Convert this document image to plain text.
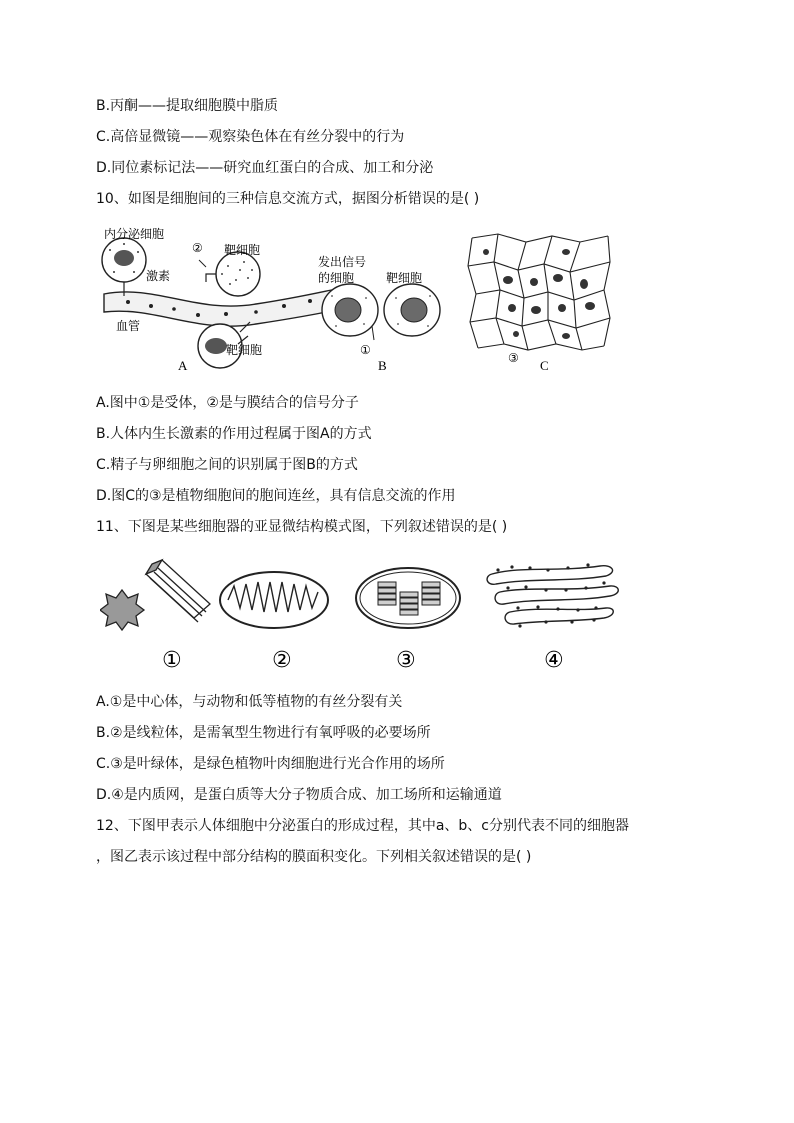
B.丙酮——提取细胞膜中脂质
C.高倍显微镜——观察染色体在有丝分裂中的行为
D.同位素标记法——研究血红蛋白的合成、加工和分泌
10、如图是细胞间的三种信息交流方式，据图分析错误的是( )
内分泌细胞
激素
血管
② 靶细胞
靶细胞
A
发出信号
的细胞	靶细胞
①
B	③ C
A.图中①是受体，②是与膜结合的信号分子
B.人体内生长激素的作用过程属于图A的方式
C.精子与卵细胞之间的识别属于图B的方式
D.图C的③是植物细胞间的胞间连丝，具有信息交流的作用
11、下图是某些细胞器的亚显微结构模式图，下列叙述错误的是( )
①	②	③	④
A.①是中心体，与动物和低等植物的有丝分裂有关
B.②是线粒体，是需氧型生物进行有氧呼吸的必要场所
C.③是叶绿体，是绿色植物叶肉细胞进行光合作用的场所
D.④是内质网，是蛋白质等大分子物质合成、加工场所和运输通道
12、下图甲表示人体细胞中分泌蛋白的形成过程，其中a、b、c分别代表不同的细胞器
，图乙表示该过程中部分结构的膜面积变化。下列相关叙述错误的是( )
